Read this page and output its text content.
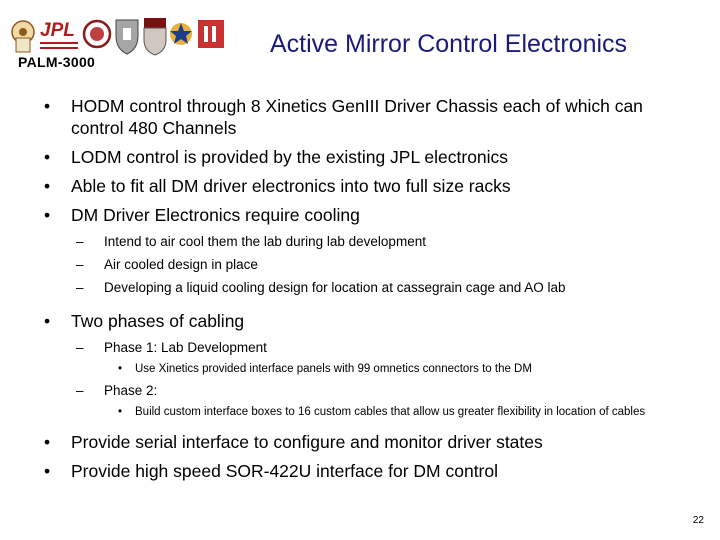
JPL
PALM-3000
Active Mirror Control Electronics
• HODM control through 8 Xinetics GenIII Driver Chassis each of which can control 480 Channels
• LODM control is provided by the existing JPL electronics
• Able to fit all DM driver electronics into two full size racks
• DM Driver Electronics require cooling
– Intend to air cool them the lab during lab development
– Air cooled design in place
– Developing a liquid cooling design for location at cassegrain cage and AO lab
• Two phases of cabling
– Phase 1: Lab Development
• Use Xinetics provided interface panels with 99 omnetics connectors to the DM
– Phase 2:
• Build custom interface boxes to 16 custom cables that allow us greater flexibility in location of cables
• Provide serial interface to configure and monitor driver states
• Provide high speed SOR-422U interface for DM control
22
